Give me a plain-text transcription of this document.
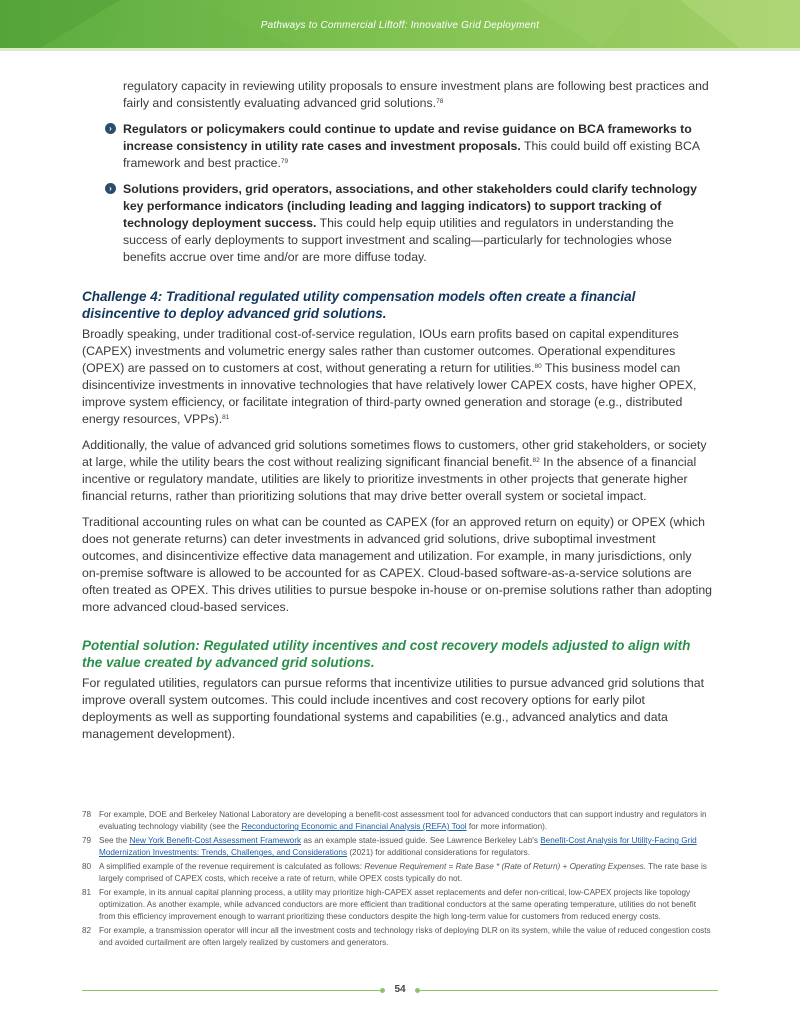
Pathways to Commercial Liftoff: Innovative Grid Deployment

regulatory capacity in reviewing utility proposals to ensure investment plans are following best practices and fairly and consistently evaluating advanced grid solutions.$^{78}$

› Regulators or policymakers could continue to update and revise guidance on BCA frameworks to increase consistency in utility rate cases and investment proposals. This could build off existing BCA framework and best practice.$^{79}$
› Solutions providers, grid operators, associations, and other stakeholders could clarify technology key performance indicators (including leading and lagging indicators) to support tracking of technology deployment success. This could help equip utilities and regulators in understanding the success of early deployments to support investment and scaling—particularly for technologies whose benefits accrue over time and/or are more diffuse today.
Challenge 4: Traditional regulated utility compensation models often create a financial disincentive to deploy advanced grid solutions.

Broadly speaking, under traditional cost-of-service regulation, IOUs earn profits based on capital expenditures (CAPEX) investments and volumetric energy sales rather than customer outcomes. Operational expenditures (OPEX) are passed on to customers at cost, without generating a return for utilities.$^{80}$ This business model can disincentivize investments in innovative technologies that have relatively lower CAPEX costs, have higher OPEX, improve system efficiency, or facilitate integration of third-party owned generation and storage (e.g., distributed energy resources, VPPs).$^{81}$

Additionally, the value of advanced grid solutions sometimes flows to customers, other grid stakeholders, or society at large, while the utility bears the cost without realizing significant financial benefit.$^{82}$ In the absence of a financial incentive or regulatory mandate, utilities are likely to prioritize investments in other projects that generate higher financial returns, rather than prioritizing solutions that may drive better overall system or societal impact.

Traditional accounting rules on what can be counted as CAPEX (for an approved return on equity) or OPEX (which does not generate returns) can deter investments in advanced grid solutions, drive suboptimal investment outcomes, and disincentivize effective data management and utilization. For example, in many jurisdictions, only on-premise software is allowed to be accounted for as CAPEX. Cloud-based software-as-a-service solutions are often treated as OPEX. This drives utilities to pursue bespoke in-house or on-premise solutions rather than adopting more advanced cloud-based services.

Potential solution: Regulated utility incentives and cost recovery models adjusted to align with the value created by advanced grid solutions.

For regulated utilities, regulators can pursue reforms that incentivize utilities to pursue advanced grid solutions that improve overall system outcomes. This could include incentives and cost recovery options for early pilot deployments as well as supporting foundational systems and capabilities (e.g., advanced analytics and data management development).

78 For example, DOE and Berkeley National Laboratory are developing a benefit-cost assessment tool for advanced conductors that can support industry and regulators in evaluating technology viability (see the Reconductoring Economic and Financial Analysis (REFA) Tool for more information).
79 See the New York Benefit-Cost Assessment Framework as an example state-issued guide. See Lawrence Berkeley Lab's Benefit-Cost Analysis for Utility-Facing Grid Modernization Investments: Trends, Challenges, and Considerations (2021) for additional considerations for regulators.
80 A simplified example of the revenue requirement is calculated as follows: Revenue Requirement = Rate Base * (Rate of Return) + Operating Expenses. The rate base is largely comprised of CAPEX costs, which receive a rate of return, while OPEX costs typically do not.
81 For example, in its annual capital planning process, a utility may prioritize high-CAPEX asset replacements and defer non-critical, low-CAPEX projects like topology optimization. As another example, while advanced conductors are more efficient than traditional conductors at the same operating temperature, utilities do not benefit from this efficiency improvement enough to warrant prioritizing these conductors despite the high long-term value for customers from reduced energy costs.
82 For example, a transmission operator will incur all the investment costs and technology risks of deploying DLR on its system, while the value of reduced congestion costs and avoided curtailment are often largely realized by customers and generators.
54
